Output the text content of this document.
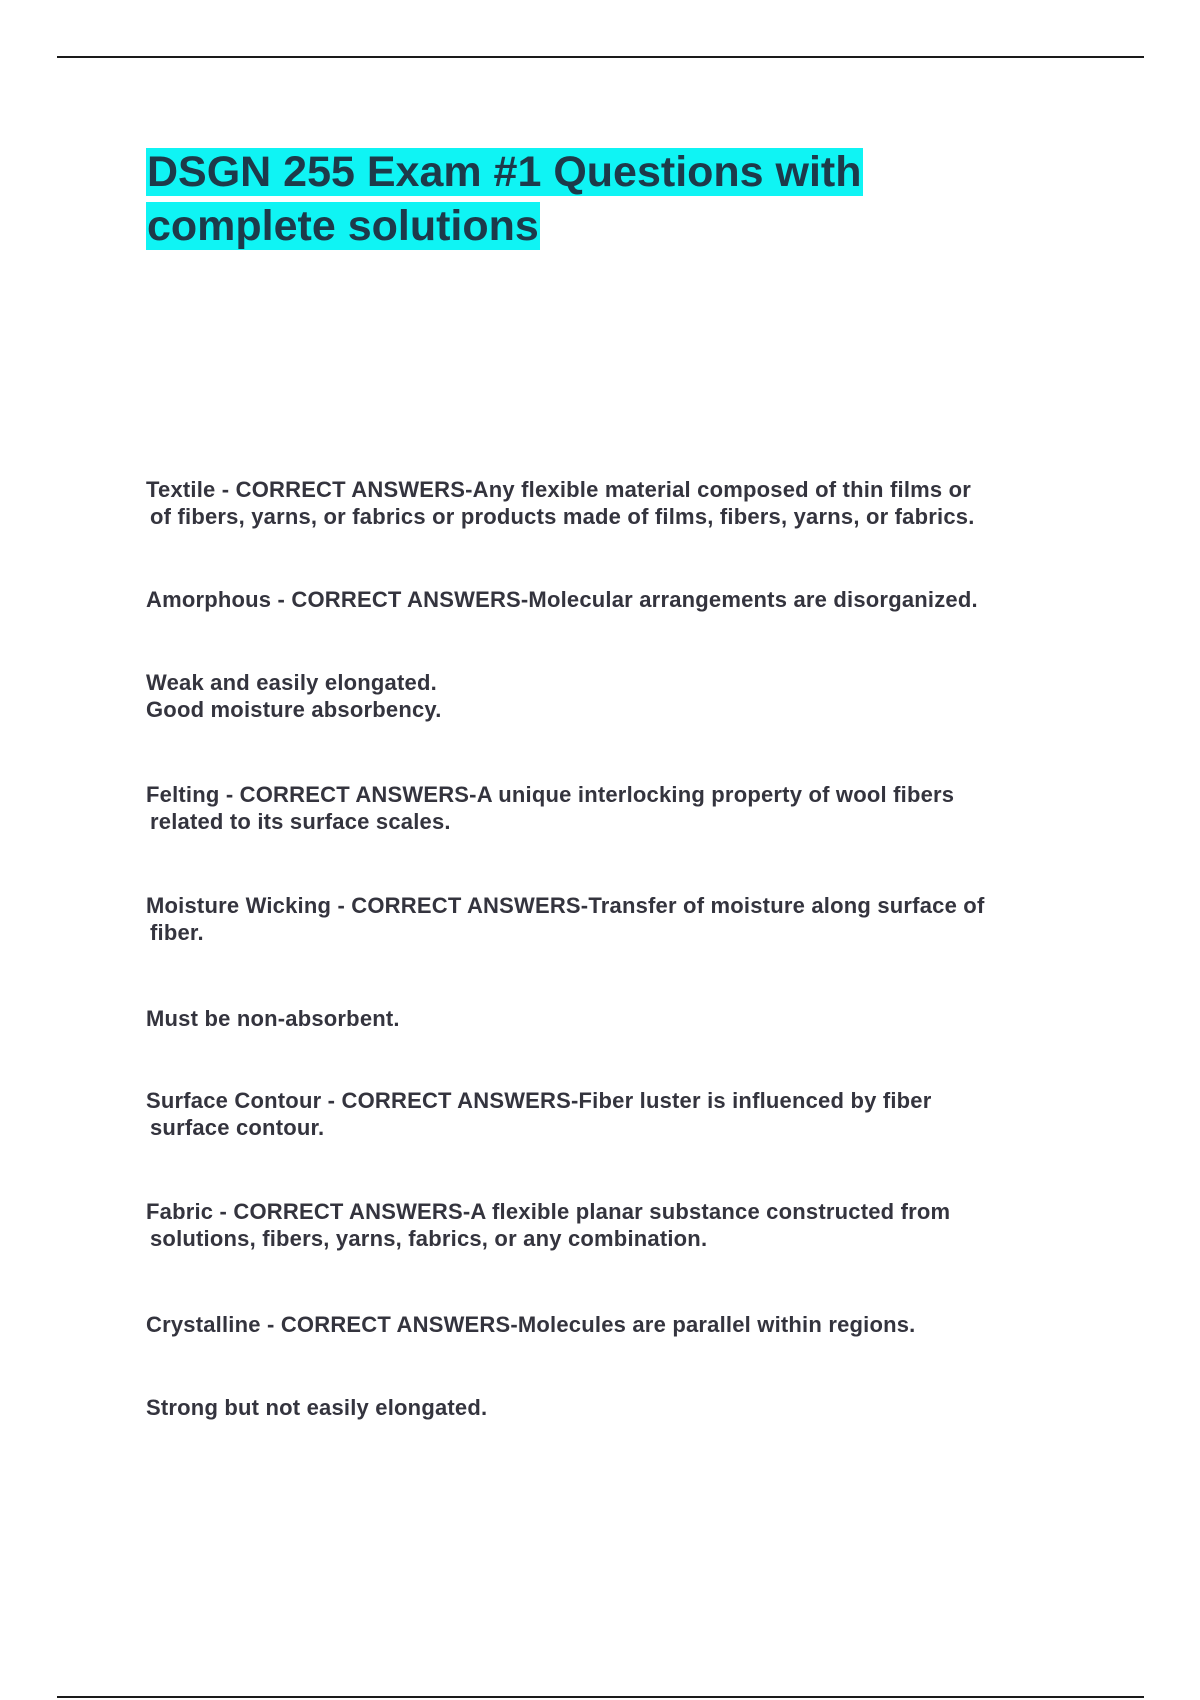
DSGN 255 Exam #1 Questions with
complete solutions

Textile - CORRECT ANSWERS-Any flexible material composed of thin films or
of fibers, yarns, or fabrics or products made of films, fibers, yarns, or fabrics.

Amorphous - CORRECT ANSWERS-Molecular arrangements are disorganized.

Weak and easily elongated.
Good moisture absorbency.

Felting - CORRECT ANSWERS-A unique interlocking property of wool fibers
related to its surface scales.

Moisture Wicking - CORRECT ANSWERS-Transfer of moisture along surface of
fiber.

Must be non-absorbent.

Surface Contour - CORRECT ANSWERS-Fiber luster is influenced by fiber
surface contour.

Fabric - CORRECT ANSWERS-A flexible planar substance constructed from
solutions, fibers, yarns, fabrics, or any combination.

Crystalline - CORRECT ANSWERS-Molecules are parallel within regions.

Strong but not easily elongated.
